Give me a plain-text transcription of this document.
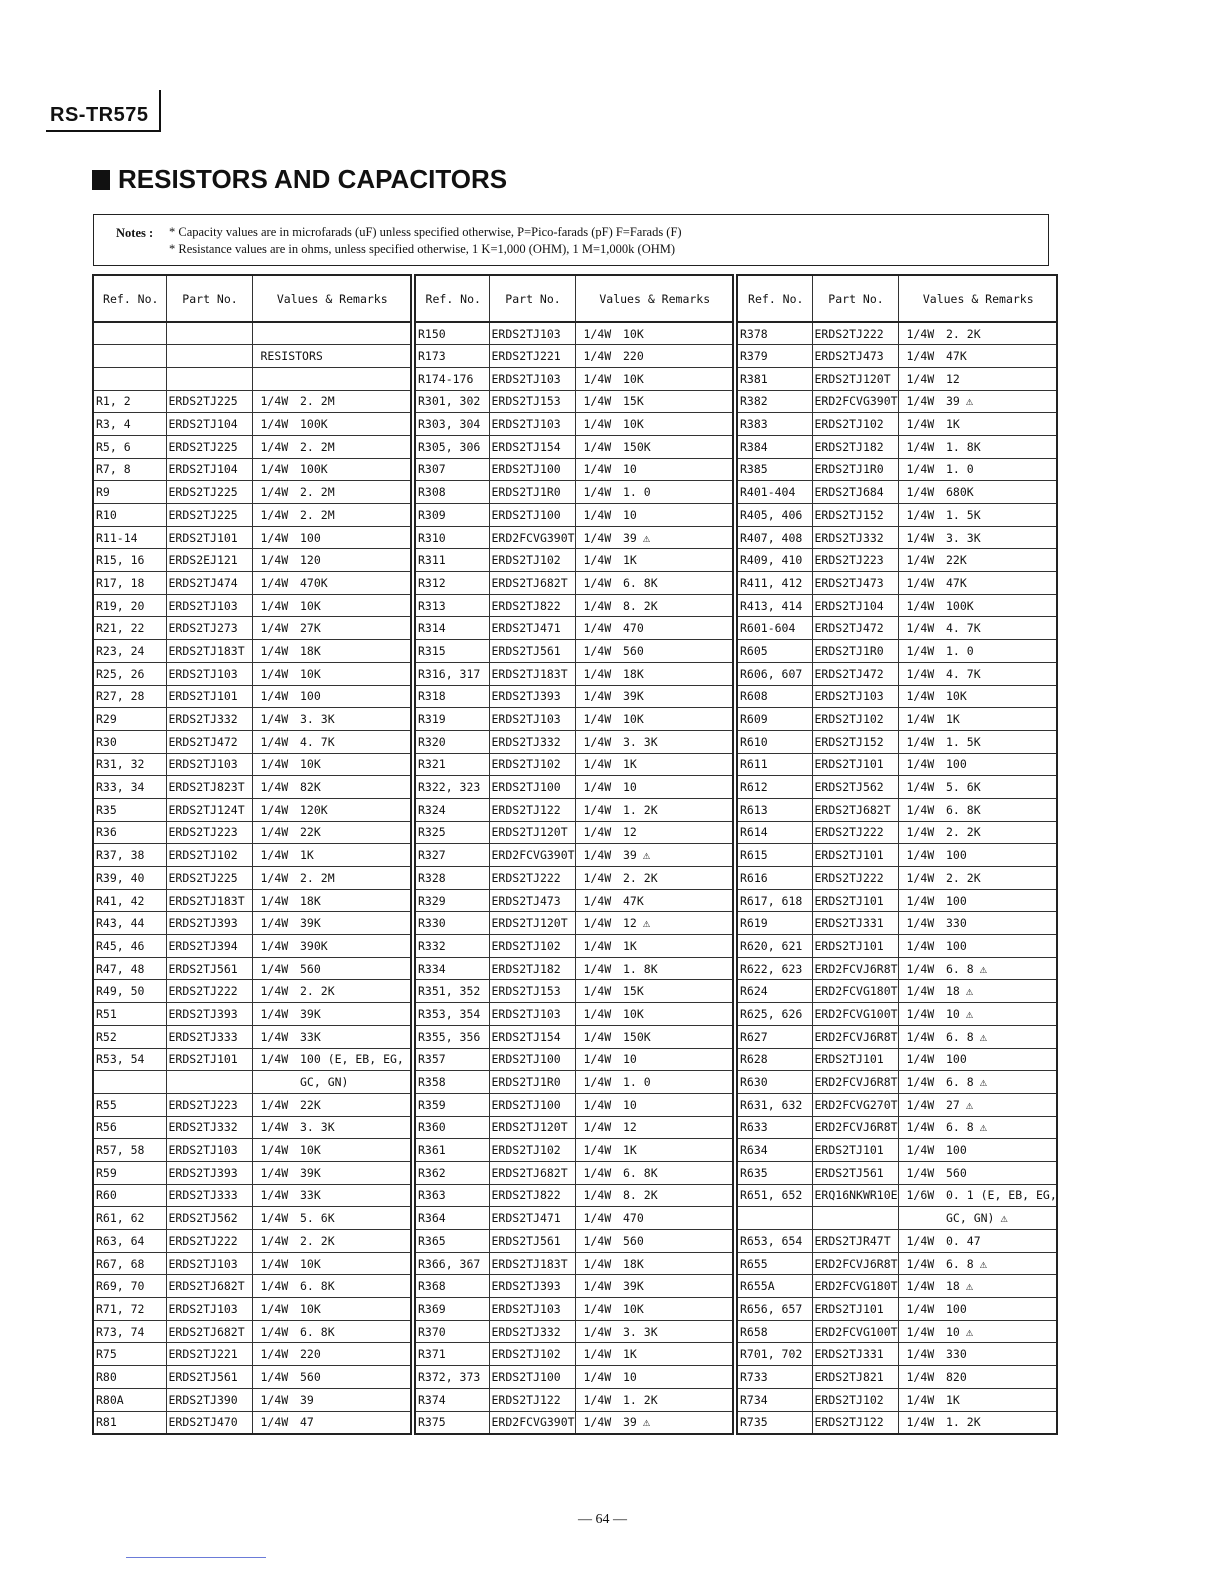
RS-TR575
RESISTORS AND CAPACITORS
Notes : * Capacity values are in microfarads (uF) unless specified otherwise, P=Pico-farads (pF) F=Farads (F)
* Resistance values are in ohms, unless specified otherwise, 1 K=1,000 (OHM), 1 M=1,000k (OHM)
Ref. No.	Part No.	Values & Remarks	

		RESISTORS	

R1, 2	ERDS2TJ225	1/4W	2. 2M
R3, 4	ERDS2TJ104	1/4W	100K
R5, 6	ERDS2TJ225	1/4W	2. 2M
R7, 8	ERDS2TJ104	1/4W	100K
R9	ERDS2TJ225	1/4W	2. 2M
R10	ERDS2TJ225	1/4W	2. 2M
R11-14	ERDS2TJ101	1/4W	100
R15, 16	ERDS2EJ121	1/4W	120
R17, 18	ERDS2TJ474	1/4W	470K
R19, 20	ERDS2TJ103	1/4W	10K
R21, 22	ERDS2TJ273	1/4W	27K
R23, 24	ERDS2TJ183T	1/4W	18K
R25, 26	ERDS2TJ103	1/4W	10K
R27, 28	ERDS2TJ101	1/4W	100
R29	ERDS2TJ332	1/4W	3. 3K
R30	ERDS2TJ472	1/4W	4. 7K
R31, 32	ERDS2TJ103	1/4W	10K
R33, 34	ERDS2TJ823T	1/4W	82K
R35	ERDS2TJ124T	1/4W	120K
R36	ERDS2TJ223	1/4W	22K
R37, 38	ERDS2TJ102	1/4W	1K
R39, 40	ERDS2TJ225	1/4W	2. 2M
R41, 42	ERDS2TJ183T	1/4W	18K
R43, 44	ERDS2TJ393	1/4W	39K
R45, 46	ERDS2TJ394	1/4W	390K
R47, 48	ERDS2TJ561	1/4W	560
R49, 50	ERDS2TJ222	1/4W	2. 2K
R51	ERDS2TJ393	1/4W	39K
R52	ERDS2TJ333	1/4W	33K
R53, 54	ERDS2TJ101	1/4W	100 (E, EB, EG,
			GC, GN)
R55	ERDS2TJ223	1/4W	22K
R56	ERDS2TJ332	1/4W	3. 3K
R57, 58	ERDS2TJ103	1/4W	10K
R59	ERDS2TJ393	1/4W	39K
R60	ERDS2TJ333	1/4W	33K
R61, 62	ERDS2TJ562	1/4W	5. 6K
R63, 64	ERDS2TJ222	1/4W	2. 2K
R67, 68	ERDS2TJ103	1/4W	10K
R69, 70	ERDS2TJ682T	1/4W	6. 8K
R71, 72	ERDS2TJ103	1/4W	10K
R73, 74	ERDS2TJ682T	1/4W	6. 8K
R75	ERDS2TJ221	1/4W	220
R80	ERDS2TJ561	1/4W	560
R80A	ERDS2TJ390	1/4W	39
R81	ERDS2TJ470	1/4W	47
Ref. No.	Part No.	Values & Remarks	
R150	ERDS2TJ103	1/4W	10K
R173	ERDS2TJ221	1/4W	220
R174-176	ERDS2TJ103	1/4W	10K
R301, 302	ERDS2TJ153	1/4W	15K
R303, 304	ERDS2TJ103	1/4W	10K
R305, 306	ERDS2TJ154	1/4W	150K
R307	ERDS2TJ100	1/4W	10
R308	ERDS2TJ1R0	1/4W	1. 0
R309	ERDS2TJ100	1/4W	10
R310	ERD2FCVG390T	1/4W	39 ⚠
R311	ERDS2TJ102	1/4W	1K
R312	ERDS2TJ682T	1/4W	6. 8K
R313	ERDS2TJ822	1/4W	8. 2K
R314	ERDS2TJ471	1/4W	470
R315	ERDS2TJ561	1/4W	560
R316, 317	ERDS2TJ183T	1/4W	18K
R318	ERDS2TJ393	1/4W	39K
R319	ERDS2TJ103	1/4W	10K
R320	ERDS2TJ332	1/4W	3. 3K
R321	ERDS2TJ102	1/4W	1K
R322, 323	ERDS2TJ100	1/4W	10
R324	ERDS2TJ122	1/4W	1. 2K
R325	ERDS2TJ120T	1/4W	12
R327	ERD2FCVG390T	1/4W	39 ⚠
R328	ERDS2TJ222	1/4W	2. 2K
R329	ERDS2TJ473	1/4W	47K
R330	ERDS2TJ120T	1/4W	12 ⚠
R332	ERDS2TJ102	1/4W	1K
R334	ERDS2TJ182	1/4W	1. 8K
R351, 352	ERDS2TJ153	1/4W	15K
R353, 354	ERDS2TJ103	1/4W	10K
R355, 356	ERDS2TJ154	1/4W	150K
R357	ERDS2TJ100	1/4W	10
R358	ERDS2TJ1R0	1/4W	1. 0
R359	ERDS2TJ100	1/4W	10
R360	ERDS2TJ120T	1/4W	12
R361	ERDS2TJ102	1/4W	1K
R362	ERDS2TJ682T	1/4W	6. 8K
R363	ERDS2TJ822	1/4W	8. 2K
R364	ERDS2TJ471	1/4W	470
R365	ERDS2TJ561	1/4W	560
R366, 367	ERDS2TJ183T	1/4W	18K
R368	ERDS2TJ393	1/4W	39K
R369	ERDS2TJ103	1/4W	10K
R370	ERDS2TJ332	1/4W	3. 3K
R371	ERDS2TJ102	1/4W	1K
R372, 373	ERDS2TJ100	1/4W	10
R374	ERDS2TJ122	1/4W	1. 2K
R375	ERD2FCVG390T	1/4W	39 ⚠
Ref. No.	Part No.	Values & Remarks	
R378	ERDS2TJ222	1/4W	2. 2K
R379	ERDS2TJ473	1/4W	47K
R381	ERDS2TJ120T	1/4W	12
R382	ERD2FCVG390T	1/4W	39 ⚠
R383	ERDS2TJ102	1/4W	1K
R384	ERDS2TJ182	1/4W	1. 8K
R385	ERDS2TJ1R0	1/4W	1. 0
R401-404	ERDS2TJ684	1/4W	680K
R405, 406	ERDS2TJ152	1/4W	1. 5K
R407, 408	ERDS2TJ332	1/4W	3. 3K
R409, 410	ERDS2TJ223	1/4W	22K
R411, 412	ERDS2TJ473	1/4W	47K
R413, 414	ERDS2TJ104	1/4W	100K
R601-604	ERDS2TJ472	1/4W	4. 7K
R605	ERDS2TJ1R0	1/4W	1. 0
R606, 607	ERDS2TJ472	1/4W	4. 7K
R608	ERDS2TJ103	1/4W	10K
R609	ERDS2TJ102	1/4W	1K
R610	ERDS2TJ152	1/4W	1. 5K
R611	ERDS2TJ101	1/4W	100
R612	ERDS2TJ562	1/4W	5. 6K
R613	ERDS2TJ682T	1/4W	6. 8K
R614	ERDS2TJ222	1/4W	2. 2K
R615	ERDS2TJ101	1/4W	100
R616	ERDS2TJ222	1/4W	2. 2K
R617, 618	ERDS2TJ101	1/4W	100
R619	ERDS2TJ331	1/4W	330
R620, 621	ERDS2TJ101	1/4W	100
R622, 623	ERD2FCVJ6R8T	1/4W	6. 8 ⚠
R624	ERD2FCVG180T	1/4W	18 ⚠
R625, 626	ERD2FCVG100T	1/4W	10 ⚠
R627	ERD2FCVJ6R8T	1/4W	6. 8 ⚠
R628	ERDS2TJ101	1/4W	100
R630	ERD2FCVJ6R8T	1/4W	6. 8 ⚠
R631, 632	ERD2FCVG270T	1/4W	27 ⚠
R633	ERD2FCVJ6R8T	1/4W	6. 8 ⚠
R634	ERDS2TJ101	1/4W	100
R635	ERDS2TJ561	1/4W	560
R651, 652	ERQ16NKWR10E	1/6W	0. 1 (E, EB, EG,
			GC, GN) ⚠
R653, 654	ERDS2TJR47T	1/4W	0. 47
R655	ERD2FCVJ6R8T	1/4W	6. 8 ⚠
R655A	ERD2FCVG180T	1/4W	18 ⚠
R656, 657	ERDS2TJ101	1/4W	100
R658	ERD2FCVG100T	1/4W	10 ⚠
R701, 702	ERDS2TJ331	1/4W	330
R733	ERDS2TJ821	1/4W	820
R734	ERDS2TJ102	1/4W	1K
R735	ERDS2TJ122	1/4W	1. 2K
— 64 —
